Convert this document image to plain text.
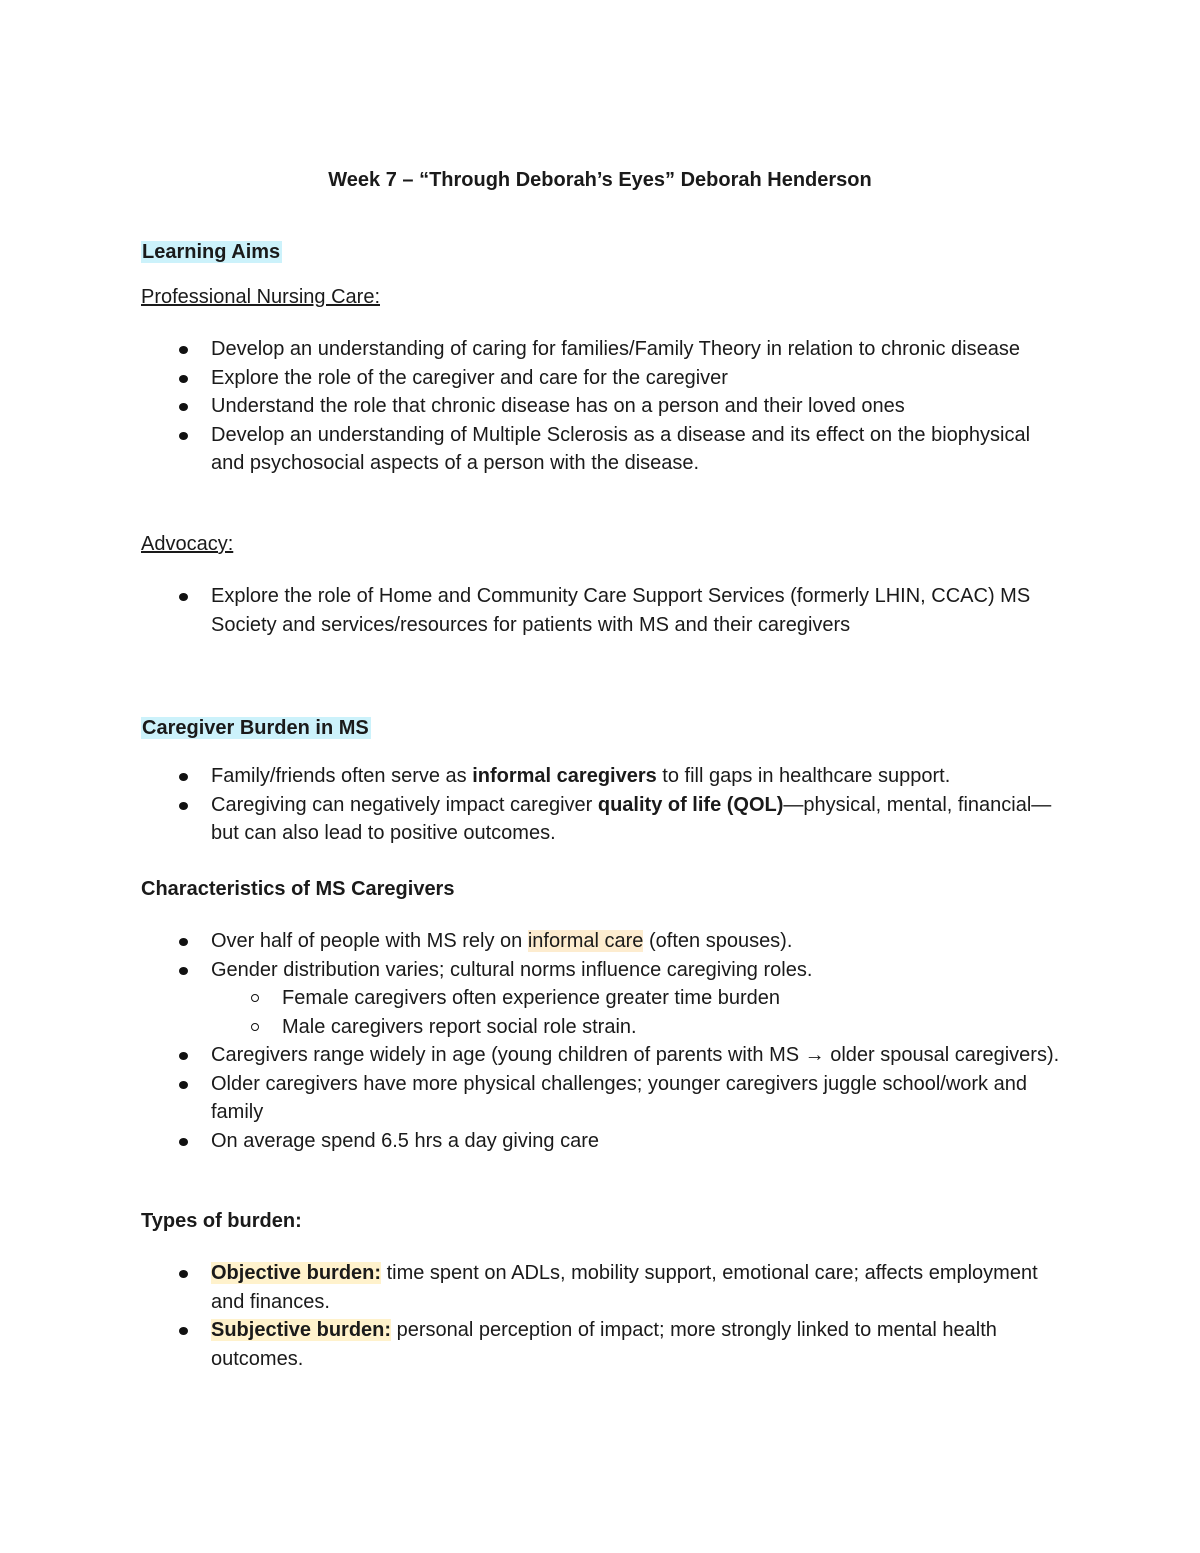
Week 7 – “Through Deborah’s Eyes” Deborah Henderson
Learning Aims
Professional Nursing Care:
Develop an understanding of caring for families/Family Theory in relation to chronic disease
Explore the role of the caregiver and care for the caregiver
Understand the role that chronic disease has on a person and their loved ones
Develop an understanding of Multiple Sclerosis as a disease and its effect on the biophysical and psychosocial aspects of a person with the disease.
Advocacy:
Explore the role of Home and Community Care Support Services (formerly LHIN, CCAC) MS Society and services/resources for patients with MS and their caregivers
Caregiver Burden in MS
Family/friends often serve as informal caregivers to fill gaps in healthcare support.
Caregiving can negatively impact caregiver quality of life (QOL)—physical, mental, financial—but can also lead to positive outcomes.
Characteristics of MS Caregivers
Over half of people with MS rely on informal care (often spouses).
Gender distribution varies; cultural norms influence caregiving roles.
Female caregivers often experience greater time burden
Male caregivers report social role strain.
Caregivers range widely in age (young children of parents with MS → older spousal caregivers).
Older caregivers have more physical challenges; younger caregivers juggle school/work and family
On average spend 6.5 hrs a day giving care
Types of burden:
Objective burden: time spent on ADLs, mobility support, emotional care; affects employment and finances.
Subjective burden: personal perception of impact; more strongly linked to mental health outcomes.
